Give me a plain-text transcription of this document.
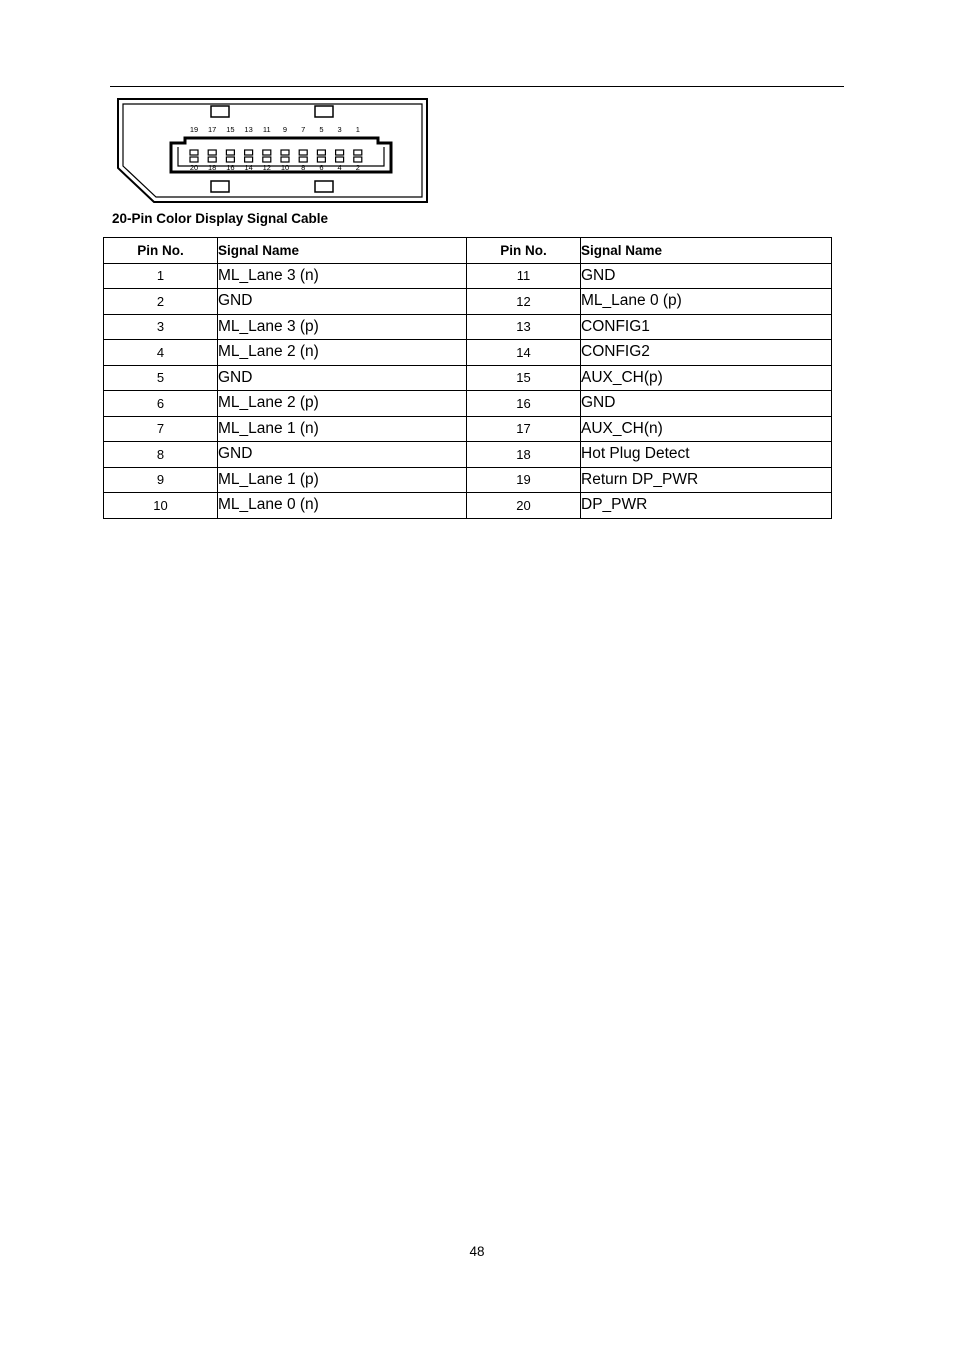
19 17 15 13 11 9 7 5 3 1
20 18 16 14 12 10 8 6 4 2
20-Pin Color Display Signal Cable
Pin No.	Signal Name	Pin No.	Signal Name
1	ML_Lane 3 (n)	11	GND
2	GND	12	ML_Lane 0 (p)
3	ML_Lane 3 (p)	13	CONFIG1
4	ML_Lane 2 (n)	14	CONFIG2
5	GND	15	AUX_CH(p)
6	ML_Lane 2 (p)	16	GND
7	ML_Lane 1 (n)	17	AUX_CH(n)
8	GND	18	Hot Plug Detect
9	ML_Lane 1 (p)	19	Return DP_PWR
10	ML_Lane 0 (n)	20	DP_PWR
48
